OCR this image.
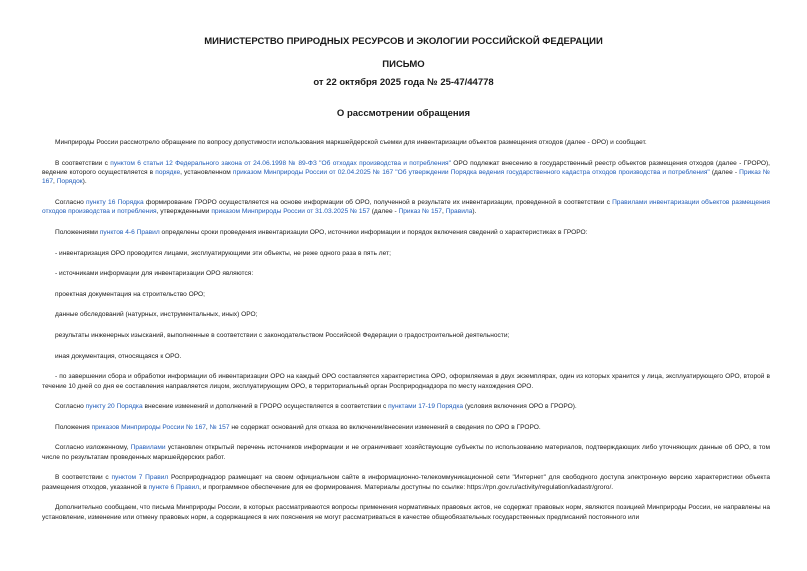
МИНИСТЕРСТВО ПРИРОДНЫХ РЕСУРСОВ И ЭКОЛОГИИ РОССИЙСКОЙ ФЕДЕРАЦИИ
ПИСЬМО
от 22 октября 2025 года № 25-47/44778
О рассмотрении обращения

Минприроды России рассмотрело обращение по вопросу допустимости использования маркшейдерской съемки для инвентаризации объектов размещения отходов (далее - ОРО) и сообщает.

В соответствии с пунктом 6 статьи 12 Федерального закона от 24.06.1998 № 89-ФЗ "Об отходах производства и потребления" ОРО подлежат внесению в государственный реестр объектов размещения отходов (далее - ГРОРО), ведение которого осуществляется в порядке, установленном приказом Минприроды России от 02.04.2025 № 167 "Об утверждении Порядка ведения государственного кадастра отходов производства и потребления" (далее - Приказ № 167, Порядок).

Согласно пункту 16 Порядка формирование ГРОРО осуществляется на основе информации об ОРО, полученной в результате их инвентаризации, проведенной в соответствии с Правилами инвентаризации объектов размещения отходов производства и потребления, утвержденными приказом Минприроды России от 31.03.2025 № 157 (далее - Приказ № 157, Правила).

Положениями пунктов 4-6 Правил определены сроки проведения инвентаризации ОРО, источники информации и порядок включения сведений о характеристиках в ГРОРО:

- инвентаризация ОРО проводится лицами, эксплуатирующими эти объекты, не реже одного раза в пять лет;

- источниками информации для инвентаризации ОРО являются:

проектная документация на строительство ОРО;

данные обследований (натурных, инструментальных, иных) ОРО;

результаты инженерных изысканий, выполненные в соответствии с законодательством Российской Федерации о градостроительной деятельности;

иная документация, относящаяся к ОРО.

- по завершении сбора и обработки информации об инвентаризации ОРО на каждый ОРО составляется характеристика ОРО, оформляемая в двух экземплярах, один из которых хранится у лица, эксплуатирующего ОРО, второй в течение 10 дней со дня ее составления направляется лицом, эксплуатирующим ОРО, в территориальный орган Росприроднадзора по месту нахождения ОРО.

Согласно пункту 20 Порядка внесение изменений и дополнений в ГРОРО осуществляется в соответствии с пунктами 17-19 Порядка (условия включения ОРО в ГРОРО).

Положения приказов Минприроды России № 167, № 157 не содержат оснований для отказа во включении/внесении изменений в сведения по ОРО в ГРОРО.

Согласно изложенному, Правилами установлен открытый перечень источников информации и не ограничивает хозяйствующие субъекты по использованию материалов, подтверждающих либо уточняющих данные об ОРО, в том числе по результатам проведенных маркшейдерских работ.

В соответствии с пунктом 7 Правил Росприроднадзор размещает на своем официальном сайте в информационно-телекоммуникационной сети "Интернет" для свободного доступа электронную версию характеристики объекта размещения отходов, указанной в пункте 6 Правил, и программное обеспечение для ее формирования. Материалы доступны по ссылке: https://rpn.gov.ru/activity/regulation/kadastr/groro/.

Дополнительно сообщаем, что письма Минприроды России, в которых рассматриваются вопросы применения нормативных правовых актов, не содержат правовых норм, являются позицией Минприроды России, не направлены на установление, изменение или отмену правовых норм, а содержащиеся в них пояснения не могут рассматриваться в качестве общеобязательных государственных предписаний постоянного или
